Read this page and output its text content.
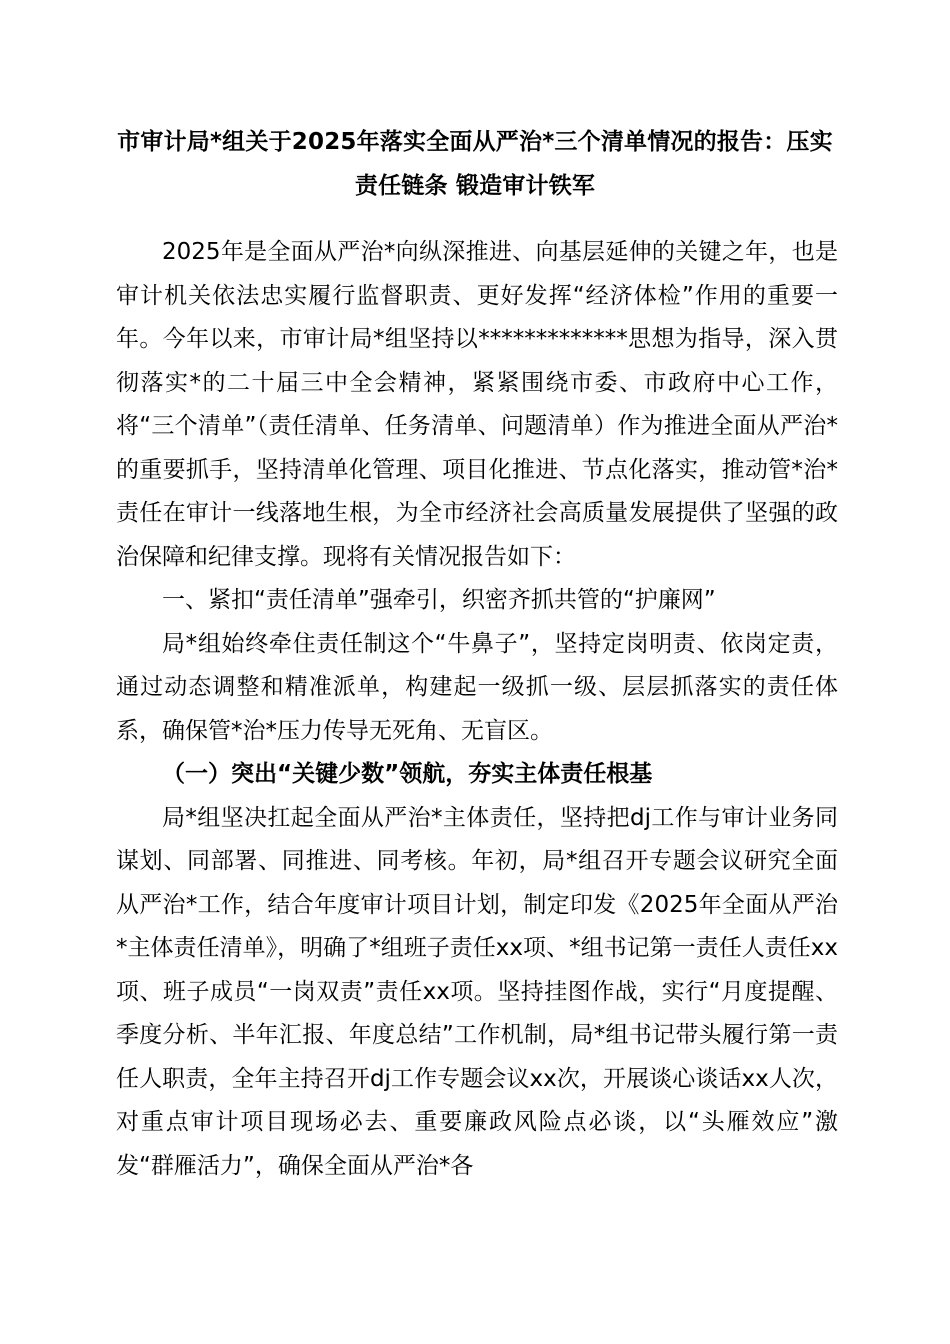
市审计局*组关于2025年落实全面从严治*三个清单情况的报告：压实责任链条 锻造审计铁军

2025年是全面从严治*向纵深推进、向基层延伸的关键之年，也是审计机关依法忠实履行监督职责、更好发挥“经济体检”作用的重要一年。今年以来，市审计局*组坚持以*************思想为指导，深入贯彻落实*的二十届三中全会精神，紧紧围绕市委、市政府中心工作，将“三个清单”（责任清单、任务清单、问题清单）作为推进全面从严治*的重要抓手，坚持清单化管理、项目化推进、节点化落实，推动管*治*责任在审计一线落地生根，为全市经济社会高质量发展提供了坚强的政治保障和纪律支撑。现将有关情况报告如下：

一、紧扣“责任清单”强牵引，织密齐抓共管的“护廉网”

局*组始终牵住责任制这个“牛鼻子”，坚持定岗明责、依岗定责，通过动态调整和精准派单，构建起一级抓一级、层层抓落实的责任体系，确保管*治*压力传导无死角、无盲区。

（一）突出“关键少数”领航，夯实主体责任根基

局*组坚决扛起全面从严治*主体责任，坚持把dj工作与审计业务同谋划、同部署、同推进、同考核。年初，局*组召开专题会议研究全面从严治*工作，结合年度审计项目计划，制定印发《2025年全面从严治*主体责任清单》，明确了*组班子责任xx项、*组书记第一责任人责任xx项、班子成员“一岗双责”责任xx项。坚持挂图作战，实行“月度提醒、季度分析、半年汇报、年度总结”工作机制，局*组书记带头履行第一责任人职责，全年主持召开dj工作专题会议xx次，开展谈心谈话xx人次，对重点审计项目现场必去、重要廉政风险点必谈，以“头雁效应”激发“群雁活力”，确保全面从严治*各
